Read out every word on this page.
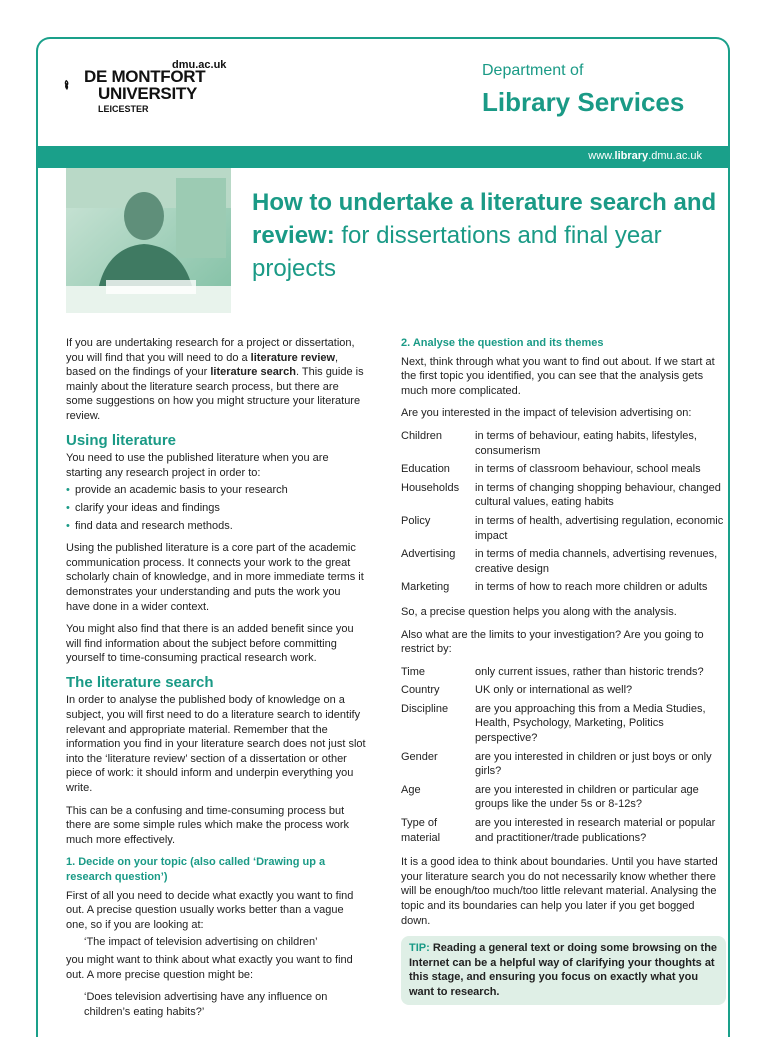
dmu.ac.uk
DE MONTFORT
UNIVERSITY
LEICESTER
Department of
Library Services
www.library.dmu.ac.uk
How to undertake a literature search and review: for dissertations and final year projects

If you are undertaking research for a project or dissertation, you will find that you will need to do a literature review, based on the findings of your literature search. This guide is mainly about the literature search process, but there are some suggestions on how you might structure your literature review.

Using literature

You need to use the published literature when you are starting any research project in order to:

• provide an academic basis to your research
• clarify your ideas and findings
• find data and research methods.

Using the published literature is a core part of the academic communication process. It connects your work to the great scholarly chain of knowledge, and in more immediate terms it demonstrates your understanding and puts the work you have done in a wider context.

You might also find that there is an added benefit since you will find information about the subject before committing yourself to time-consuming practical research work.

The literature search

In order to analyse the published body of knowledge on a subject, you will first need to do a literature search to identify relevant and appropriate material. Remember that the information you find in your literature search does not just slot into the ‘literature review’ section of a dissertation or other piece of work: it should inform and underpin everything you write.

This can be a confusing and time-consuming process but there are some simple rules which make the process work much more effectively.

1. Decide on your topic (also called ‘Drawing up a research question’)

First of all you need to decide what exactly you want to find out. A precise question usually works better than a vague one, so if you are looking at:

‘The impact of television advertising on children’

you might want to think about what exactly you want to find out. A more precise question might be:

‘Does television advertising have any influence on children’s eating habits?’

2. Analyse the question and its themes

Next, think through what you want to find out about. If we start at the first topic you identified, you can see that the analysis gets much more complicated.

Are you interested in the impact of television advertising on:

Children	in terms of behaviour, eating habits, lifestyles, consumerism
Education	in terms of classroom behaviour, school meals
Households	in terms of changing shopping behaviour, changed cultural values, eating habits
Policy	in terms of health, advertising regulation, economic impact
Advertising	in terms of media channels, advertising revenues, creative design
Marketing	in terms of how to reach more children or adults

So, a precise question helps you along with the analysis.

Also what are the limits to your investigation? Are you going to restrict by:

Time	only current issues, rather than historic trends?
Country	UK only or international as well?
Discipline	are you approaching this from a Media Studies, Health, Psychology, Marketing, Politics perspective?
Gender	are you interested in children or just boys or only girls?
Age	are you interested in children or particular age groups like the under 5s or 8-12s?
Type of material	are you interested in research material or popular and practitioner/trade publications?

It is a good idea to think about boundaries. Until you have started your literature search you do not necessarily know whether there will be enough/too much/too little relevant material. Analysing the topic and its boundaries can help you later if you get bogged down.

TIP: Reading a general text or doing some browsing on the Internet can be a helpful way of clarifying your thoughts at this stage, and ensuring you focus on exactly what you want to research.
